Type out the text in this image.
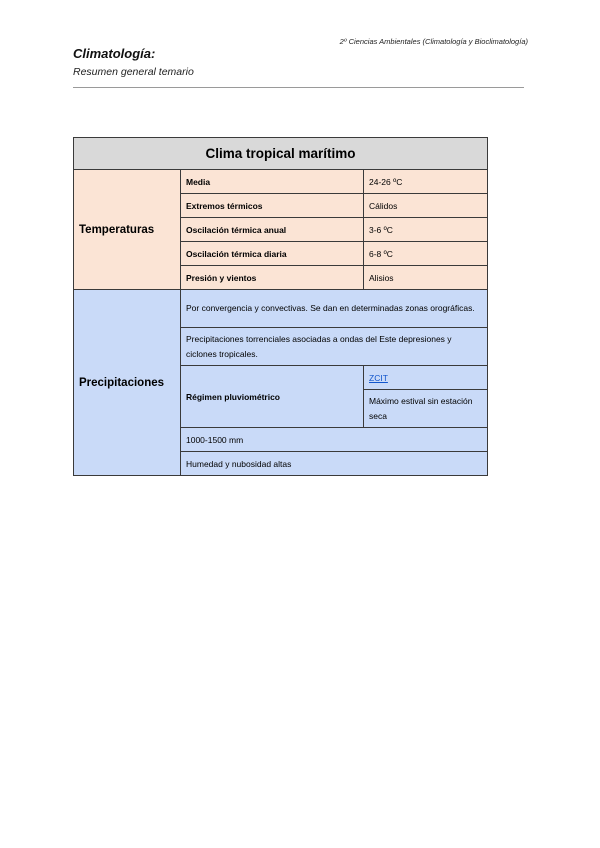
2º Ciencias Ambientales (Climatología y Bioclimatología)
Climatología:
Resumen general temario
Clima tropical marítimo		
Temperaturas	Media	24-26 ºC
	Extremos térmicos	Cálidos
	Oscilación térmica anual	3-6 ºC
	Oscilación térmica diaria	6-8 ºC
	Presión y vientos	Alisios
Precipitaciones	Por convergencia y convectivas. Se dan en determinadas zonas orográficas.	
	Precipitaciones torrenciales asociadas a ondas del Este depresiones y ciclones tropicales.	
	Régimen pluviométrico	ZCIT
		Máximo estival sin estación seca
	1000-1500 mm	
	Humedad y nubosidad altas	
